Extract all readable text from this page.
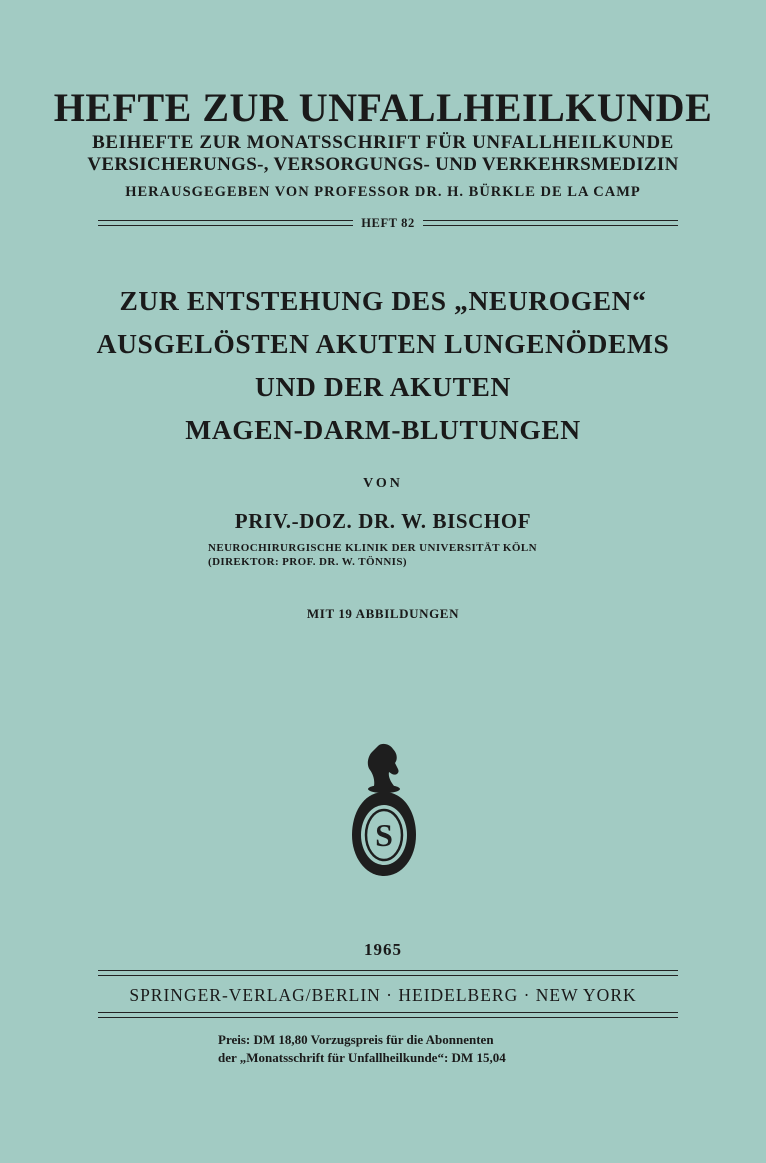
HEFTE ZUR UNFALLHEILKUNDE
BEIHEFTE ZUR MONATSSCHRIFT FÜR UNFALLHEILKUNDE
VERSICHERUNGS-, VERSORGUNGS- UND VERKEHRSMEDIZIN
HERAUSGEGEBEN VON PROFESSOR DR. H. BÜRKLE DE LA CAMP
HEFT 82
ZUR ENTSTEHUNG DES „NEUROGEN“
AUSGELÖSTEN AKUTEN LUNGENÖDEMS
UND DER AKUTEN
MAGEN-DARM-BLUTUNGEN
VON
PRIV.-DOZ. DR. W. BISCHOF
NEUROCHIRURGISCHE KLINIK DER UNIVERSITÄT KÖLN
(DIREKTOR: PROF. DR. W. TÖNNIS)
MIT 19 ABBILDUNGEN
S
1965
SPRINGER-VERLAG/BERLIN · HEIDELBERG · NEW YORK
Preis: DM 18,80 Vorzugspreis für die Abonnenten
der „Monatsschrift für Unfallheilkunde“: DM 15,04
